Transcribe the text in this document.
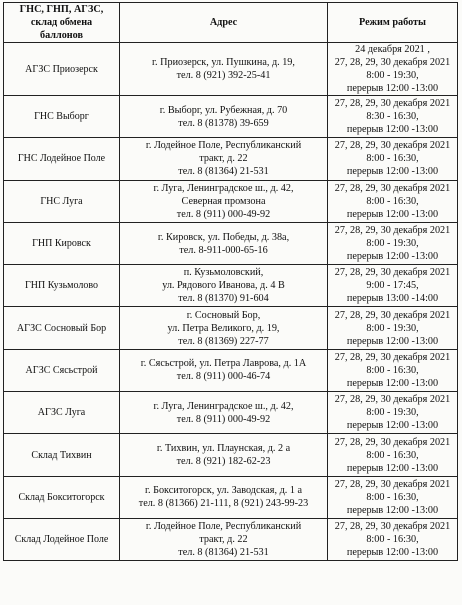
ГНС, ГНП, АГЗС,
склад обмена
баллонов	Адрес	Режим работы
АГЗС Приозерск	г. Приозерск, ул. Пушкина, д. 19,
тел. 8 (921) 392-25-41	24 декабря 2021 ,
27, 28, 29, 30 декабря 2021
8:00 - 19:30,
перерыв 12:00 -13:00

ГНС Выборг	г. Выборг, ул. Рубежная, д. 70
тел. 8 (81378) 39-659	27, 28, 29, 30 декабря 2021
8:30 - 16:30,
перерыв 12:00 -13:00

ГНС Лодейное Поле	г. Лодейное Поле, Республиканский
тракт, д. 22
тел. 8 (81364) 21-531	27, 28, 29, 30 декабря 2021
8:00 - 16:30,
перерыв 12:00 -13:00

ГНС Луга	г. Луга, Ленинградское ш., д. 42,
Северная промзона
тел. 8 (911) 000-49-92	27, 28, 29, 30 декабря 2021
8:00 - 16:30,
перерыв 12:00 -13:00

ГНП Кировск	г. Кировск, ул. Победы, д. 38а,
тел. 8-911-000-65-16	27, 28, 29, 30 декабря 2021
8:00 - 19:30,
перерыв 12:00 -13:00

ГНП Кузьмолово	п. Кузьмоловский,
ул. Рядового Иванова, д. 4 В
тел. 8 (81370) 91-604	27, 28, 29, 30 декабря 2021
9:00 - 17:45,
перерыв 13:00 -14:00

АГЗС Сосновый Бор	г. Сосновый Бор,
ул. Петра Великого, д. 19,
тел. 8 (81369) 227-77	27, 28, 29, 30 декабря 2021
8:00 - 19:30,
перерыв 12:00 -13:00

АГЗС Сясьстрой	г. Сясьстрой, ул. Петра Лаврова, д. 1А
тел. 8 (911) 000-46-74	27, 28, 29, 30 декабря 2021
8:00 - 16:30,
перерыв 12:00 -13:00

АГЗС Луга	г. Луга, Ленинградское ш., д. 42,
тел. 8 (911) 000-49-92	27, 28, 29, 30 декабря 2021
8:00 - 19:30,
перерыв 12:00 -13:00

Склад Тихвин	г. Тихвин, ул. Плаунская, д. 2 а
тел. 8 (921) 182-62-23	27, 28, 29, 30 декабря 2021
8:00 - 16:30,
перерыв 12:00 -13:00

Склад Бокситогорск	г. Бокситогорск, ул. Заводская, д. 1 а
тел. 8 (81366) 21-111, 8 (921) 243-99-23	27, 28, 29, 30 декабря 2021
8:00 - 16:30,
перерыв 12:00 -13:00

Склад Лодейное Поле	г. Лодейное Поле, Республиканский
тракт, д. 22
тел. 8 (81364) 21-531	27, 28, 29, 30 декабря 2021
8:00 - 16:30,
перерыв 12:00 -13:00
